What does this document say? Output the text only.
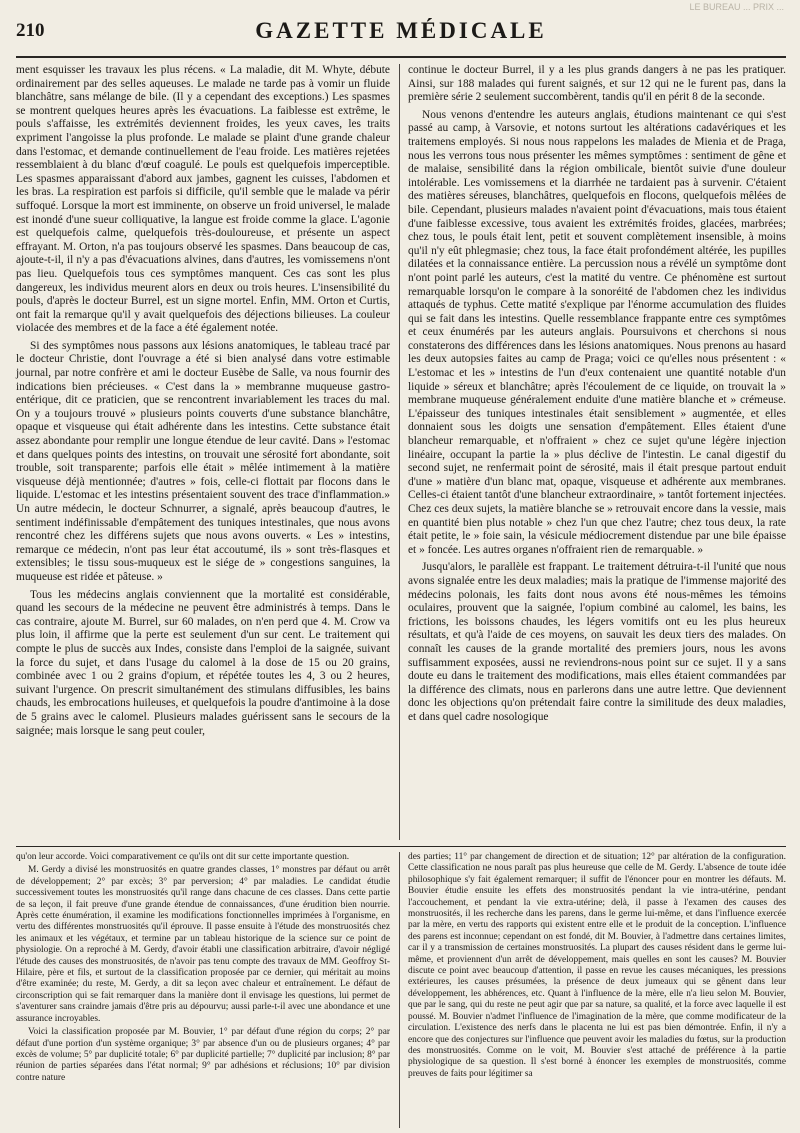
210	GAZETTE MÉDICALE
LE BUREAU ... PRIX ...

ment esquisser les travaux les plus récens. « La maladie, dit M. Whyte, débute ordinairement par des selles aqueuses. Le malade ne tarde pas à vomir un fluide blanchâtre, sans mélange de bile. (Il y a cependant des exceptions.) Les spasmes se montrent quelques heures après les évacuations. La faiblesse est extrême, le pouls s'affaisse, les extrémités deviennent froides, les yeux caves, les traits expriment l'angoisse la plus profonde. Le malade se plaint d'une grande chaleur dans l'estomac, et demande continuellement de l'eau froide. Les matières rejetées ressemblaient à du blanc d'œuf coagulé. Le pouls est quelquefois imperceptible. Les spasmes apparaissant d'abord aux jambes, gagnent les cuisses, l'abdomen et les bras. La respiration est parfois si difficile, qu'il semble que le malade va périr suffoqué. Lorsque la mort est imminente, on observe un froid universel, le malade est inondé d'une sueur colliquative, la langue est froide comme la glace. L'agonie est quelquefois calme, quelquefois très-douloureuse, et présente un aspect effrayant. M. Orton, n'a pas toujours observé les spasmes. Dans beaucoup de cas, ajoute-t-il, il n'y a pas d'évacuations alvines, dans d'autres, les vomissemens n'ont pas lieu. Quelquefois tous ces symptômes manquent. Ces cas sont les plus dangereux, les individus meurent alors en deux ou trois heures. L'insensibilité du pouls, d'après le docteur Burrel, est un signe mortel. Enfin, MM. Orton et Curtis, ont fait la remarque qu'il y avait quelquefois des déjections bilieuses. La couleur violacée des membres et de la face a été également notée.

Si des symptômes nous passons aux lésions anatomiques, le tableau tracé par le docteur Christie, dont l'ouvrage a été si bien analysé dans votre estimable journal, par notre confrère et ami le docteur Eusèbe de Salle, va nous fournir des indications bien précieuses. « C'est dans la » membranne muqueuse gastro-entérique, dit ce praticien, que se rencontrent invariablement les traces du mal. On y a toujours trouvé » plusieurs points couverts d'une substance blanchâtre, opaque et visqueuse qui était adhérente dans les intestins. Cette substance était assez abondante pour remplir une longue étendue de leur cavité. Dans » l'estomac et dans quelques points des intestins, on trouvait une sérosité fort abondante, soit trouble, soit transparente; parfois elle était » mêlée intimement à la matière visqueuse déjà mentionnée; d'autres » fois, celle-ci flottait par flocons dans le liquide. L'estomac et les intestins présentaient souvent des trace d'inflammation.» Un autre médecin, le docteur Schnurrer, a signalé, après beaucoup d'autres, le sentiment indéfinissable d'empâtement des tuniques intestinales, que nous avons rencontré chez les différens sujets que nous avons ouverts. « Les » intestins, remarque ce médecin, n'ont pas leur état accoutumé, ils » sont très-flasques et extensibles; le tissu sous-muqueux est le siége de » congestions sanguines, la muqueuse est ridée et pâteuse. »

Tous les médecins anglais conviennent que la mortalité est considérable, quand les secours de la médecine ne peuvent être administrés à temps. Dans le cas contraire, ajoute M. Burrel, sur 60 malades, on n'en perd que 4. M. Crow va plus loin, il affirme que la perte est seulement d'un sur cent. Le traitement qui compte le plus de succès aux Indes, consiste dans l'emploi de la saignée, suivant la force du sujet, et dans l'usage du calomel à la dose de 15 ou 20 grains, combinée avec 1 ou 2 grains d'opium, et répétée toutes les 4, 3 ou 2 heures, suivant l'urgence. On prescrit simultanément des stimulans diffusibles, les bains chauds, les embrocations huileuses, et quelquefois la poudre d'antimoine à la dose de 5 grains avec le calomel. Plusieurs malades guérissent sans le secours de la saignée; mais lorsque le sang peut couler,

continue le docteur Burrel, il y a les plus grands dangers à ne pas les pratiquer. Ainsi, sur 188 malades qui furent saignés, et sur 12 qui ne le furent pas, dans la première série 2 seulement succombèrent, tandis qu'il en périt 8 de la seconde.

Nous venons d'entendre les auteurs anglais, étudions maintenant ce qui s'est passé au camp, à Varsovie, et notons surtout les altérations cadavériques et les traitemens employés. Si nous nous rappelons les malades de Mienia et de Praga, nous les verrons tous nous présenter les mêmes symptômes : sentiment de gêne et de malaise, sensibilité dans la région ombilicale, bientôt suivie d'une douleur intolérable. Les vomissemens et la diarrhée ne tardaient pas à survenir. C'étaient des matières séreuses, blanchâtres, quelquefois en flocons, quelquefois mêlées de bile. Cependant, plusieurs malades n'avaient point d'évacuations, mais tous étaient d'une faiblesse excessive, tous avaient les extrémités froides, glacées, marbrées; chez tous, le pouls était lent, petit et souvent complètement insensible, à moins qu'il n'y eût phlegmasie; chez tous, la face était profondément altérée, les pupilles dilatées et la connaissance entière. La percussion nous a révélé un symptôme dont n'ont point parlé les auteurs, c'est la matité du ventre. Ce phénomène est surtout remarquable lorsqu'on le compare à la sonoréité de l'abdomen chez les individus attaqués de typhus. Cette matité s'explique par l'énorme accumulation des fluides qui se fait dans les intestins. Quelle ressemblance frappante entre ces symptômes et ceux énumérés par les auteurs anglais. Poursuivons et cherchons si nous constaterons des différences dans les lésions anatomiques. Nous prenons au hasard les deux autopsies faites au camp de Praga; voici ce qu'elles nous présentent : « L'estomac et les » intestins de l'un d'eux contenaient une quantité notable d'un liquide » séreux et blanchâtre; après l'écoulement de ce liquide, on trouvait la » membrane muqueuse généralement enduite d'une matière blanche et » crémeuse. L'épaisseur des tuniques intestinales était sensiblement » augmentée, et elles donnaient sous les doigts une sensation d'empâtement. Elles étaient d'une blancheur remarquable, et n'offraient » chez ce sujet qu'une légère injection linéaire, occupant la partie la » plus déclive de l'intestin. Le canal digestif du second sujet, ne renfermait point de sérosité, mais il était presque partout enduit d'une » matière d'un blanc mat, opaque, visqueuse et adhérente aux membranes. Celles-ci étaient tantôt d'une blancheur extraordinaire, » tantôt fortement injectées. Chez ces deux sujets, la matière blanche se » retrouvait encore dans la vessie, mais en quantité bien plus notable » chez l'un que chez l'autre; chez tous deux, la rate était petite, le » foie sain, la vésicule médiocrement distendue par une bile épaisse et » foncée. Les autres organes n'offraient rien de remarquable. »

Jusqu'alors, le parallèle est frappant. Le traitement détruira-t-il l'unité que nous avons signalée entre les deux maladies; mais la pratique de l'immense majorité des médecins polonais, les faits dont nous avons été nous-mêmes les témoins oculaires, prouvent que la saignée, l'opium combiné au calomel, les bains, les frictions, les boissons chaudes, les légers vomitifs ont eu les plus heureux résultats, et qu'à l'aide de ces moyens, on sauvait les deux tiers des malades. On connaît les causes de la grande mortalité des premiers jours, nous les avons suffisamment exposées, aussi ne reviendrons-nous point sur ce sujet. Il y a sans doute eu dans le traitement des modifications, mais elles étaient commandées par la différence des climats, nous en parlerons dans une autre lettre. Que deviennent donc les objections qu'on prétendait faire contre la similitude des deux maladies, et dans quel cadre nosologique

qu'on leur accorde. Voici comparativement ce qu'ils ont dit sur cette importante question.

M. Gerdy a divisé les monstruosités en quatre grandes classes, 1° monstres par défaut ou arrêt de développement; 2° par excès; 3° par perversion; 4° par maladies. Le candidat étudie successivement toutes les monstruosités qu'il range dans chacune de ces classes. Dans cette partie de sa leçon, il fait preuve d'une grande étendue de connaissances, d'une érudition bien nourrie. Après cette énumération, il examine les modifications fonctionnelles imprimées à l'organisme, en vertu des différentes monstruosités qu'il éprouve. Il passe ensuite à l'étude des monstruosités chez les animaux et les végétaux, et termine par un tableau historique de la science sur ce point de physiologie. On a reproché à M. Gerdy, d'avoir établi une classification arbitraire, d'avoir négligé l'étude des causes des monstruosités, de n'avoir pas tenu compte des travaux de MM. Geoffroy St-Hilaire, père et fils, et surtout de la classification proposée par ce dernier, qui méritait au moins d'être examinée; du reste, M. Gerdy, a dit sa leçon avec chaleur et entraînement. Le défaut de circonscription qui se fait remarquer dans la manière dont il envisage les questions, lui permet de s'aventurer sans craindre jamais d'être pris au dépourvu; aussi parle-t-il avec une abondance et une assurance incroyables.

Voici la classification proposée par M. Bouvier, 1° par défaut d'une région du corps; 2° par défaut d'une portion d'un système organique; 3° par absence d'un ou de plusieurs organes; 4° par excès de volume; 5° par duplicité totale; 6° par duplicité partielle; 7° duplicité par inclusion; 8° par réunion de parties séparées dans l'état normal; 9° par adhésions et réclusions; 10° par division contre nature

des parties; 11° par changement de direction et de situation; 12° par altération de la configuration. Cette classification ne nous paraît pas plus heureuse que celle de M. Gerdy. L'absence de toute idée philosophique s'y fait également remarquer; il suffit de l'énoncer pour en montrer les défauts. M. Bouvier étudie ensuite les effets des monstruosités pendant la vie intra-utérine, pendant l'accouchement, et pendant la vie extra-utérine; delà, il passe à l'examen des causes des monstruosités, il les recherche dans les parens, dans le germe lui-même, et dans l'influence exercée par la mère, en vertu des rapports qui existent entre elle et le produit de la conception. L'influence des parens est inconnue; cependant on est fondé, dit M. Bouvier, à l'admettre dans certaines limites, car il y a transmission de certaines monstruosités. La plupart des causes résident dans le germe lui-même, et proviennent d'un arrêt de développement, mais quelles en sont les causes? M. Bouvier discute ce point avec beaucoup d'attention, il passe en revue les causes mécaniques, les pressions extérieures, les causes présumées, la présence de deux jumeaux qui se gênent dans leur développement, les abhérences, etc. Quant à l'influence de la mère, elle n'a lieu selon M. Bouvier, que par le sang, qui du reste ne peut agir que par sa nature, sa qualité, et la force avec laquelle il est poussé. M. Bouvier n'admet l'influence de l'imagination de la mère, que comme modificateur de la circulation. L'existence des nerfs dans le placenta ne lui est pas bien démontrée. Enfin, il n'y a encore que des conjectures sur l'influence que peuvent avoir les maladies du fœtus, sur la production des monstruosités. Comme on le voit, M. Bouvier s'est attaché de préférence à la partie physiologique de sa question. Il s'est borné à énoncer les exemples de monstruosités, comme preuves de faits pour légitimer sa
